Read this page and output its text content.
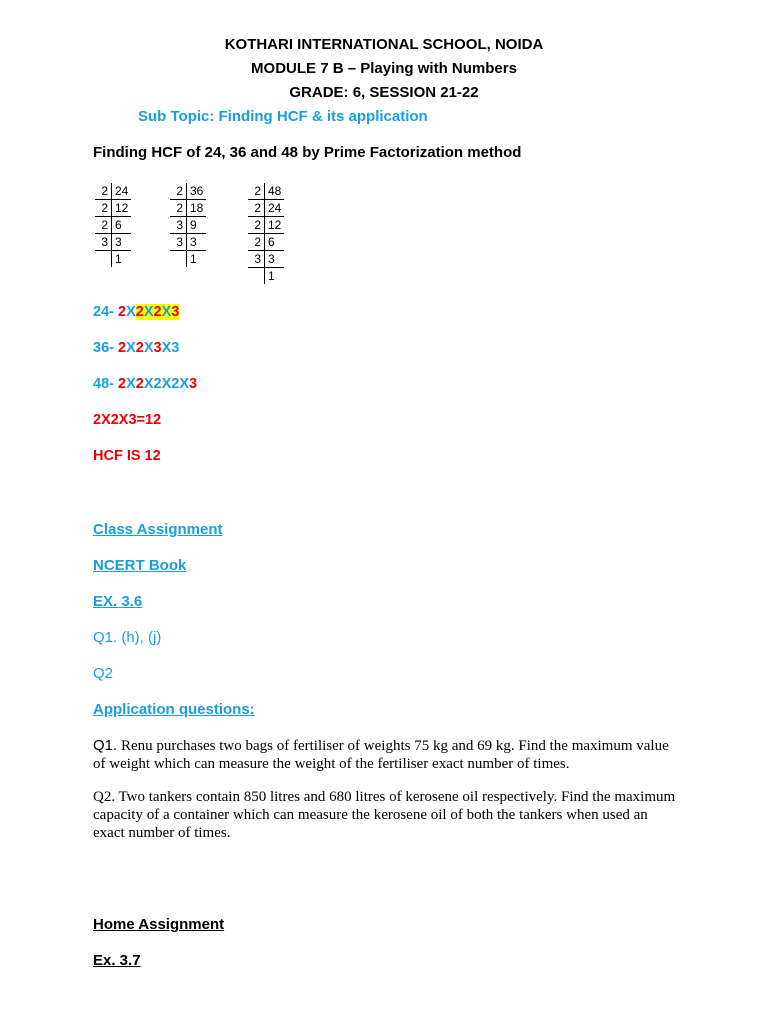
KOTHARI INTERNATIONAL SCHOOL, NOIDA
MODULE 7 B – Playing with Numbers
GRADE: 6, SESSION 21-22
Sub Topic: Finding HCF & its application
Finding HCF of 24, 36 and 48 by Prime Factorization method
2	24
2	12
2	6
3	3
	1
2	36
2	18
3	9
3	3
	1
2	48
2	24
2	12
2	6
3	3
	1
24- 2X2X2X3
36- 2X2X3X3
48- 2X2X2X2X3
2X2X3=12
HCF IS 12
Class Assignment
NCERT Book
EX. 3.6
Q1. (h), (j)
Q2
Application questions:
Q1. Renu purchases two bags of fertiliser of weights 75 kg and 69 kg. Find the maximum value of weight which can measure the weight of the fertiliser exact number of times.
Q2. Two tankers contain 850 litres and 680 litres of kerosene oil respectively. Find the maximum capacity of a container which can measure the kerosene oil of both the tankers when used an exact number of times.
Home Assignment
Ex. 3.7
